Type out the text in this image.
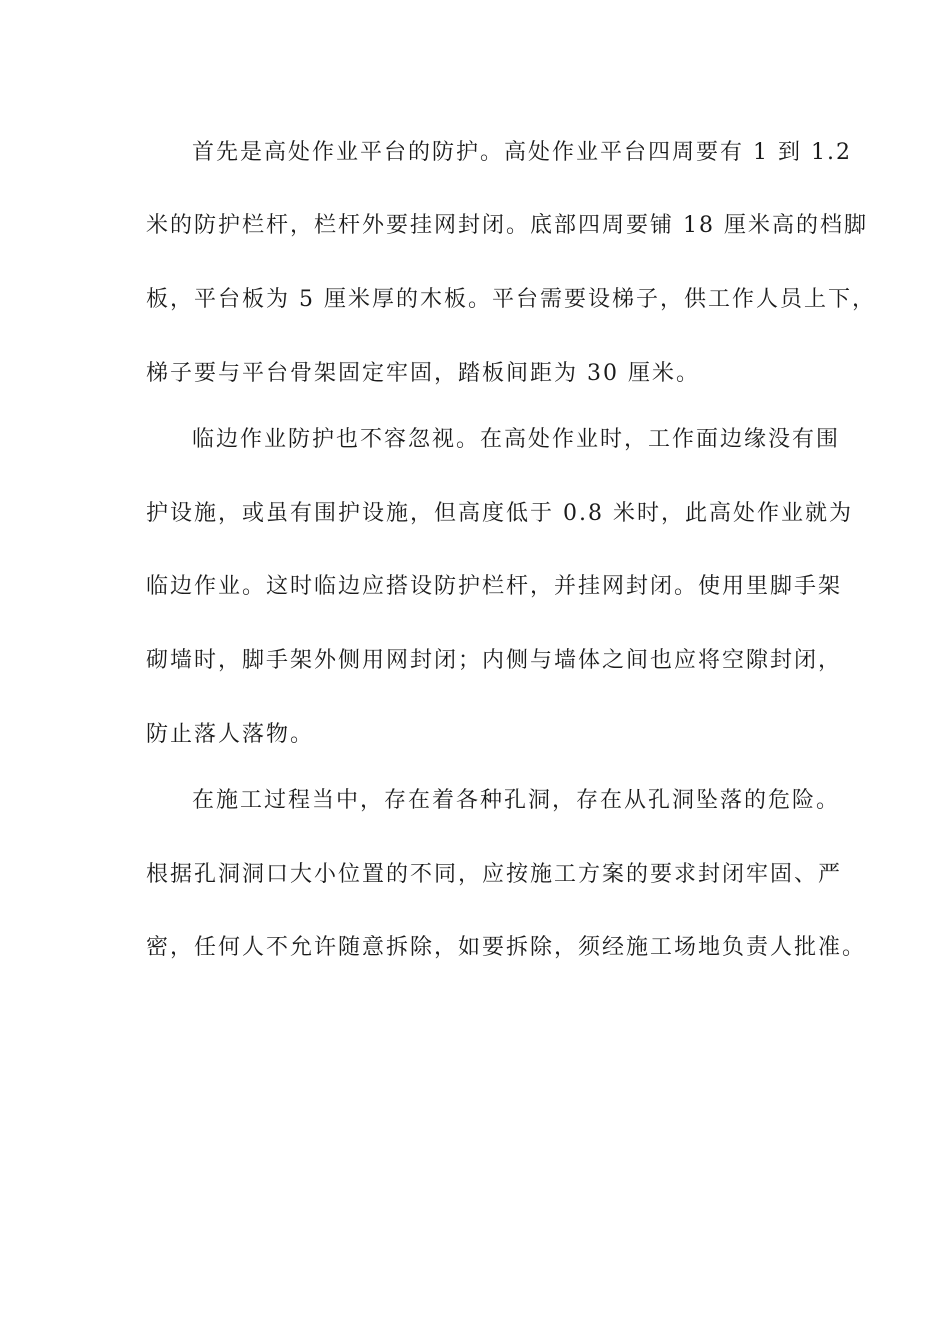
首先是高处作业平台的防护。高处作业平台四周要有 1 到 1.2
米的防护栏杆，栏杆外要挂网封闭。底部四周要铺 18 厘米高的档脚
板，平台板为 5 厘米厚的木板。平台需要设梯子，供工作人员上下，
梯子要与平台骨架固定牢固，踏板间距为 30 厘米。
临边作业防护也不容忽视。在高处作业时，工作面边缘没有围
护设施，或虽有围护设施，但高度低于 0.8 米时，此高处作业就为
临边作业。这时临边应搭设防护栏杆，并挂网封闭。使用里脚手架
砌墙时，脚手架外侧用网封闭；内侧与墙体之间也应将空隙封闭，
防止落人落物。
在施工过程当中，存在着各种孔洞，存在从孔洞坠落的危险。
根据孔洞洞口大小位置的不同，应按施工方案的要求封闭牢固、严
密，任何人不允许随意拆除，如要拆除，须经施工场地负责人批准。
